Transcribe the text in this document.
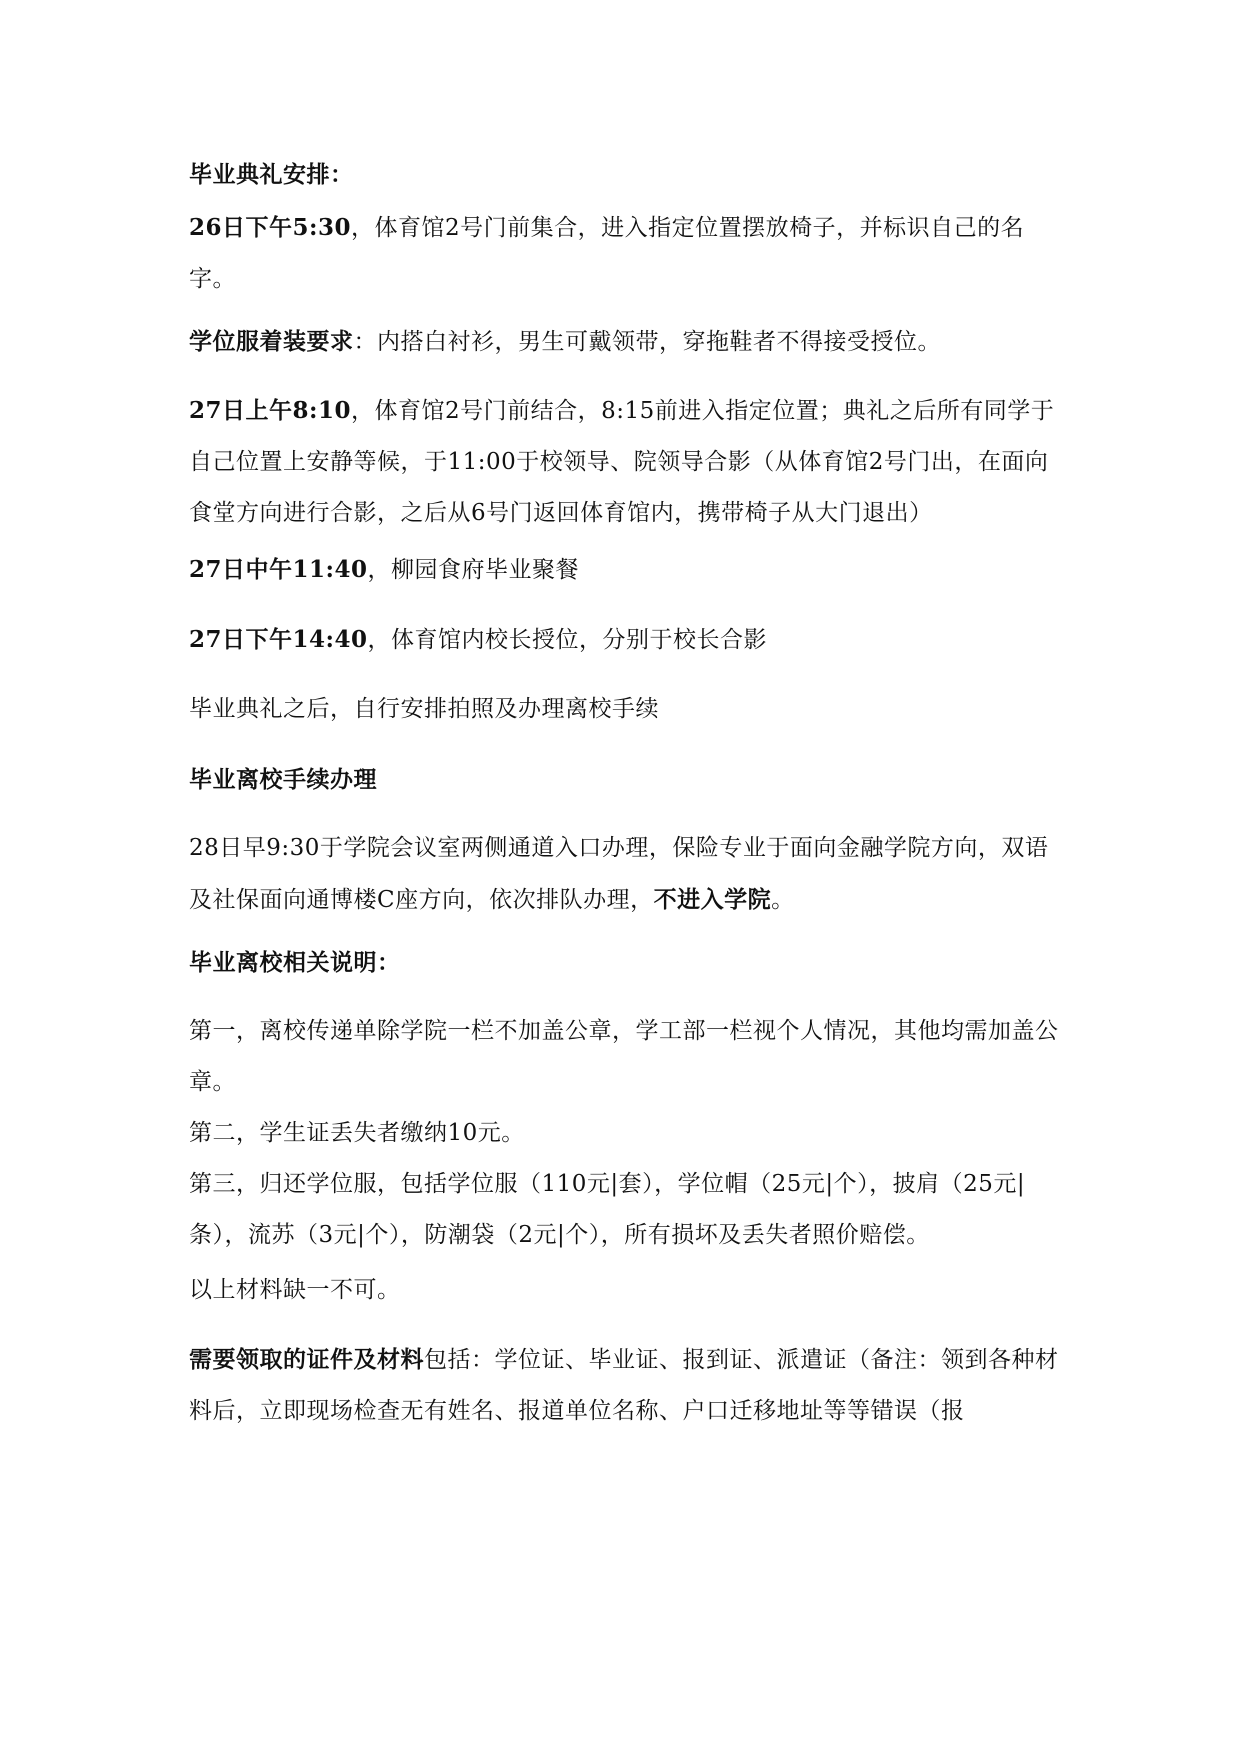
毕业典礼安排：
26日下午5:30，体育馆2号门前集合，进入指定位置摆放椅子，并标识自己的名字。
学位服着装要求：内搭白衬衫，男生可戴领带，穿拖鞋者不得接受授位。
27日上午8:10，体育馆2号门前结合，8:15前进入指定位置；典礼之后所有同学于自己位置上安静等候，于11:00于校领导、院领导合影（从体育馆2号门出，在面向食堂方向进行合影，之后从6号门返回体育馆内，携带椅子从大门退出）
27日中午11:40，柳园食府毕业聚餐
27日下午14:40，体育馆内校长授位，分别于校长合影
毕业典礼之后，自行安排拍照及办理离校手续
毕业离校手续办理
28日早9:30于学院会议室两侧通道入口办理，保险专业于面向金融学院方向，双语及社保面向通博楼C座方向，依次排队办理，不进入学院。
毕业离校相关说明：
第一，离校传递单除学院一栏不加盖公章，学工部一栏视个人情况，其他均需加盖公章。
第二，学生证丢失者缴纳10元。
第三，归还学位服，包括学位服（110元|套），学位帽（25元|个），披肩（25元|条），流苏（3元|个），防潮袋（2元|个），所有损坏及丢失者照价赔偿。
以上材料缺一不可。
需要领取的证件及材料包括：学位证、毕业证、报到证、派遣证（备注：领到各种材料后，立即现场检查无有姓名、报道单位名称、户口迁移地址等等错误（报
